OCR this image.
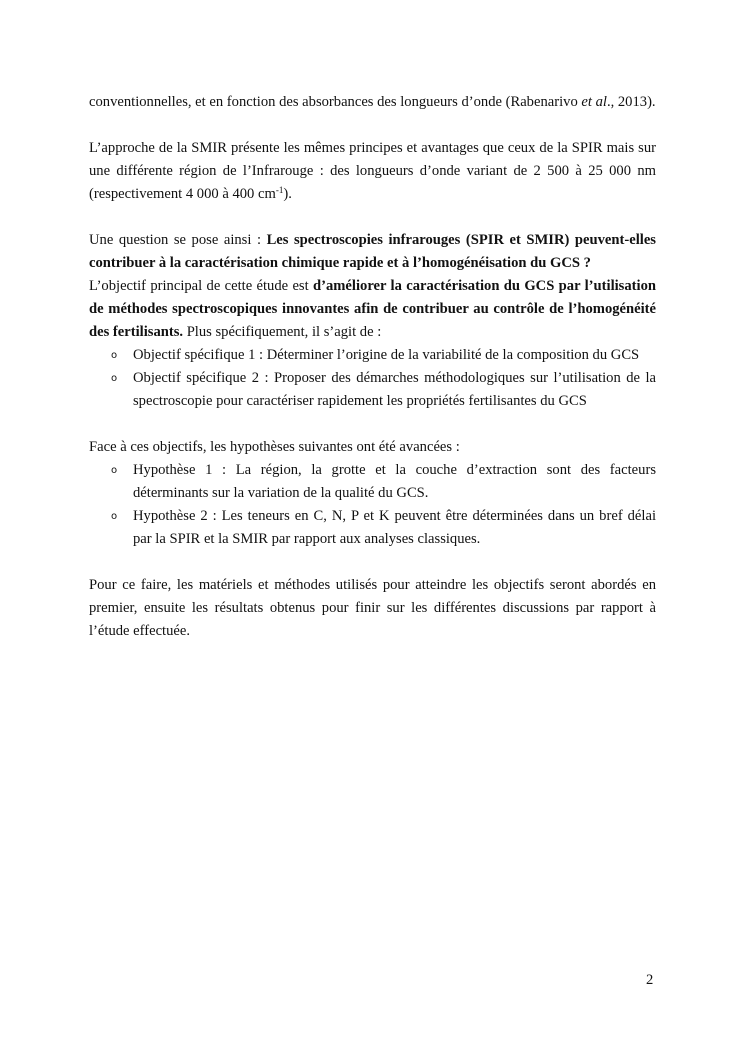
conventionnelles, et en fonction des absorbances des longueurs d’onde (Rabenarivo et al., 2013).

L’approche de la SMIR présente les mêmes principes et avantages que ceux de la SPIR mais sur une différente région de l’Infrarouge : des longueurs d’onde variant de 2 500 à 25 000 nm (respectivement 4 000 à 400 $cm^{-1}$).

Une question se pose ainsi : Les spectroscopies infrarouges (SPIR et SMIR) peuvent-elles contribuer à la caractérisation chimique rapide et à l’homogénéisation du GCS ?

L’objectif principal de cette étude est d’améliorer la caractérisation du GCS par l’utilisation de méthodes spectroscopiques innovantes afin de contribuer au contrôle de l’homogénéité des fertilisants. Plus spécifiquement, il s’agit de :

o Objectif spécifique 1 : Déterminer l’origine de la variabilité de la composition du GCS
o Objectif spécifique 2 : Proposer des démarches méthodologiques sur l’utilisation de la spectroscopie pour caractériser rapidement les propriétés fertilisantes du GCS

Face à ces objectifs, les hypothèses suivantes ont été avancées :

o Hypothèse 1 : La région, la grotte et la couche d’extraction sont des facteurs déterminants sur la variation de la qualité du GCS.
o Hypothèse 2 : Les teneurs en C, N, P et K peuvent être déterminées dans un bref délai par la SPIR et la SMIR par rapport aux analyses classiques.

Pour ce faire, les matériels et méthodes utilisés pour atteindre les objectifs seront abordés en premier, ensuite les résultats obtenus pour finir sur les différentes discussions par rapport à l’étude effectuée.

2
